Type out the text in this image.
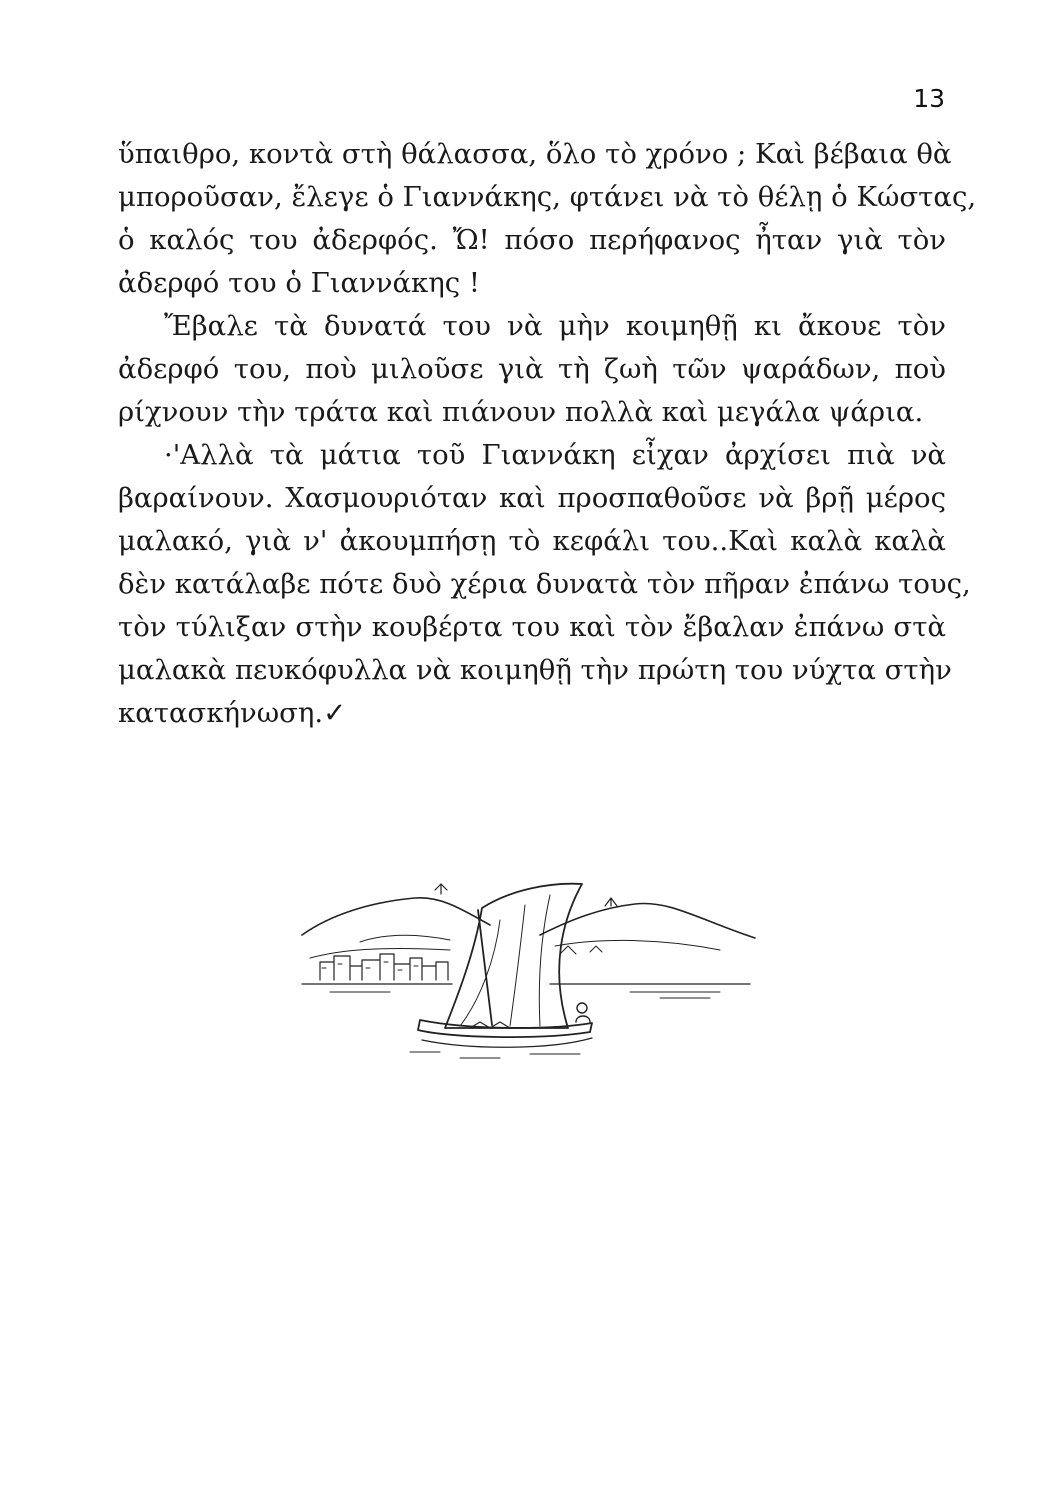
13
ὕπαιθρο, κοντὰ στὴ θάλασσα, ὅλο τὸ χρόνο ; Καὶ βέβαια θὰ
μποροῦσαν, ἔλεγε ὁ Γιαννάκης, φτάνει νὰ τὸ θέλῃ ὁ Κώστας,
ὁ καλός του ἀδερφός. Ὤ! πόσο περήφανος ἦταν γιὰ τὸν
ἀδερφό του ὁ Γιαννάκης !
Ἔβαλε τὰ δυνατά του νὰ μὴν κοιμηθῇ κι ἄκουε τὸν
ἀδερφό του, ποὺ μιλοῦσε γιὰ τὴ ζωὴ τῶν ψαράδων, ποὺ
ρίχνουν τὴν τράτα καὶ πιάνουν πολλὰ καὶ μεγάλα ψάρια.
·'Αλλὰ τὰ μάτια τοῦ Γιαννάκη εἶχαν ἀρχίσει πιὰ νὰ
βαραίνουν. Χασμουριόταν καὶ προσπαθοῦσε νὰ βρῇ μέρος
μαλακό, γιὰ ν' ἀκουμπήσῃ τὸ κεφάλι του..Καὶ καλὰ καλὰ
δὲν κατάλαβε πότε δυὸ χέρια δυνατὰ τὸν πῆραν ἐπάνω τους,
τὸν τύλιξαν στὴν κουβέρτα του καὶ τὸν ἔβαλαν ἐπάνω στὰ
μαλακὰ πευκόφυλλα νὰ κοιμηθῇ τὴν πρώτη του νύχτα στὴν
κατασκήνωση.✓
